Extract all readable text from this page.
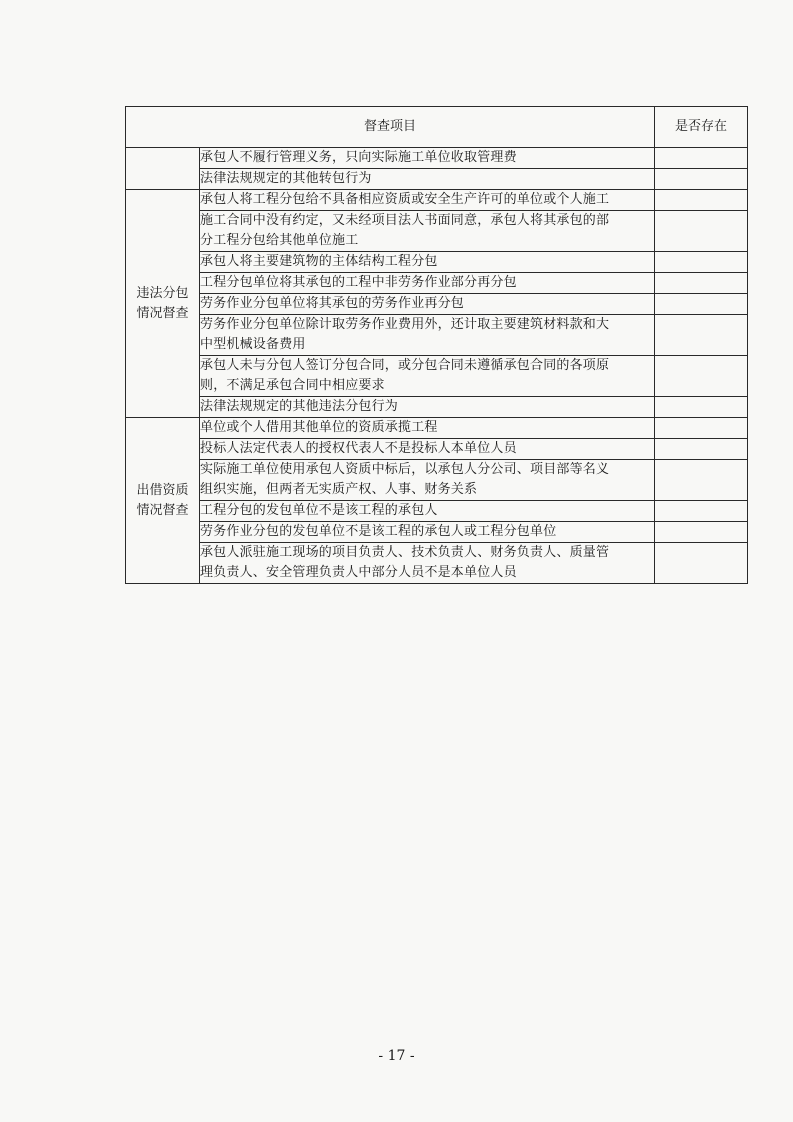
督查项目		是否存在

	承包人不履行管理义务，只向实际施工单位收取管理费	

	法律法规规定的其他转包行为	

违法分包
情况督查	承包人将工程分包给不具备相应资质或安全生产许可的单位或个人施工	

	施工合同中没有约定，又未经项目法人书面同意，承包人将其承包的部
分工程分包给其他单位施工	

	承包人将主要建筑物的主体结构工程分包	

	工程分包单位将其承包的工程中非劳务作业部分再分包	

	劳务作业分包单位将其承包的劳务作业再分包	

	劳务作业分包单位除计取劳务作业费用外，还计取主要建筑材料款和大
中型机械设备费用	

	承包人未与分包人签订分包合同，或分包合同未遵循承包合同的各项原
则，不满足承包合同中相应要求	

	法律法规规定的其他违法分包行为	

出借资质
情况督查	单位或个人借用其他单位的资质承揽工程	

	投标人法定代表人的授权代表人不是投标人本单位人员	

	实际施工单位使用承包人资质中标后，以承包人分公司、项目部等名义
组织实施，但两者无实质产权、人事、财务关系	

	工程分包的发包单位不是该工程的承包人	

	劳务作业分包的发包单位不是该工程的承包人或工程分包单位	

	承包人派驻施工现场的项目负责人、技术负责人、财务负责人、质量管
理负责人、安全管理负责人中部分人员不是本单位人员	

- 17 -
